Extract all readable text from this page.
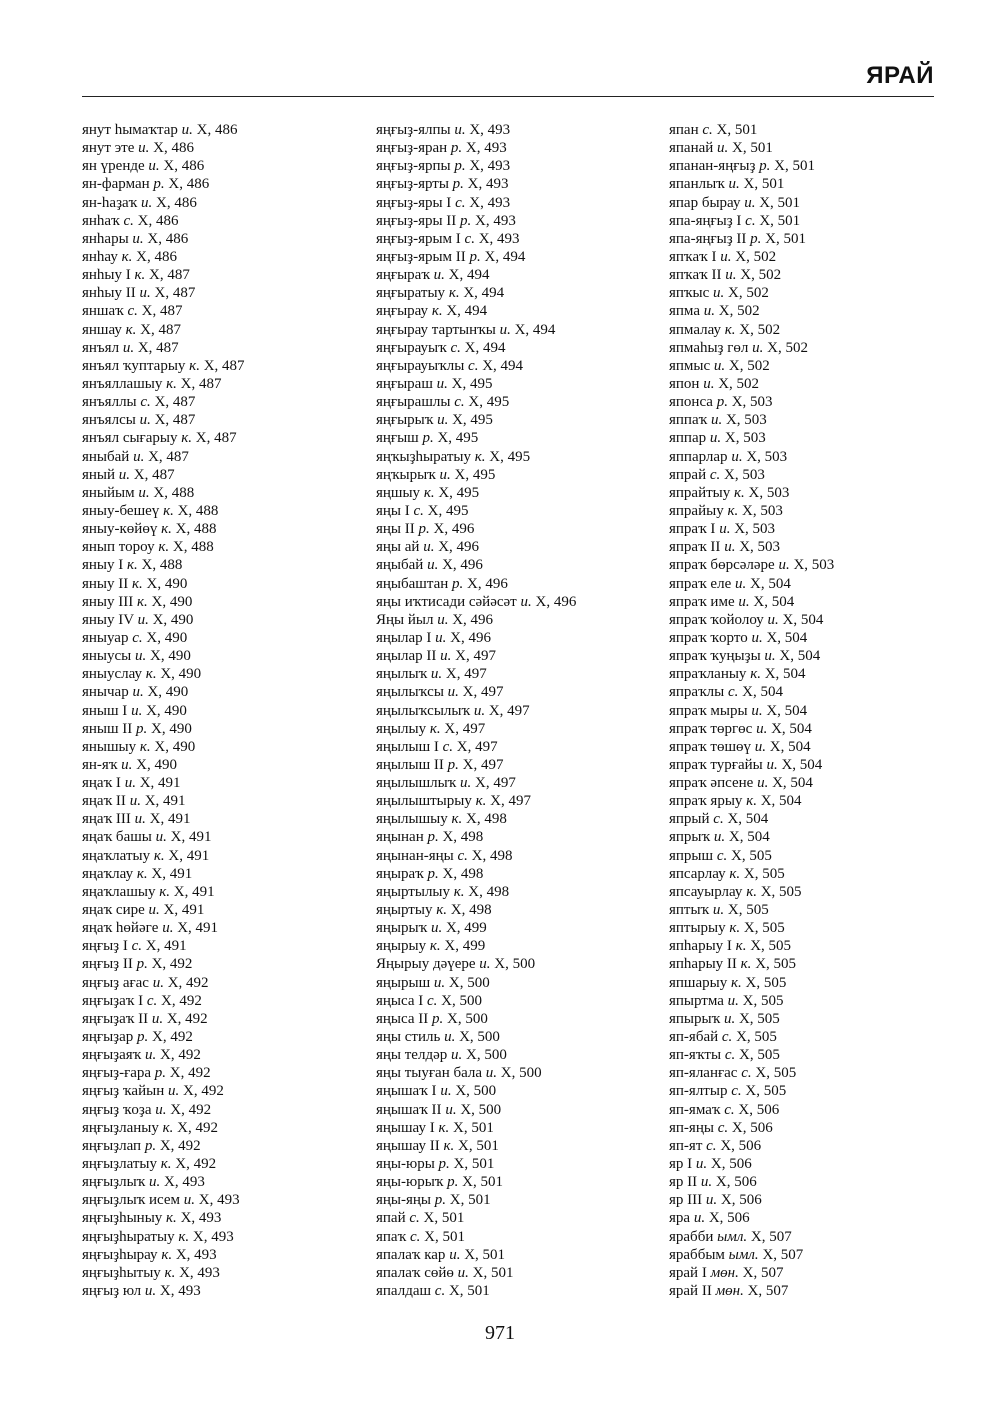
ЯРАЙ
янут һымаҡтар и. X, 486
янут этe и. X, 486
ян үрендe и. X, 486
ян-фарман р. X, 486
ян-һаҙаҡ и. X, 486
янһаҡ с. X, 486
янһары и. X, 486
янһау к. X, 486
янһыу I к. X, 487
янһыу II и. X, 487
яншаҡ с. X, 487
яншау к. X, 487
янъял и. X, 487
янъял ҡуптарыу к. X, 487
янъяллашыу к. X, 487
янъяллы с. X, 487
янъялсы и. X, 487
янъял сығарыу к. X, 487
яныбай и. X, 487
яный и. X, 487
яныйым и. X, 488
яныу-бешеү к. X, 488
яныу-көйөү к. X, 488
янып тороу к. X, 488
яныу I к. X, 488
яныу II к. X, 490
яныу III к. X, 490
яныу IV и. X, 490
яныуар с. X, 490
яныусы и. X, 490
яныуслау к. X, 490
янычар и. X, 490
яныш I и. X, 490
яныш II р. X, 490
янышыу к. X, 490
ян-яҡ и. X, 490
яңаҡ I и. X, 491
яңаҡ II и. X, 491
яңаҡ III и. X, 491
яңаҡ башы и. X, 491
яңаҡлатыу к. X, 491
яңаҡлау к. X, 491
яңаҡлашыу к. X, 491
яңаҡ сирe и. X, 491
яңаҡ һөйәгe и. X, 491
яңғыҙ I с. X, 491
яңғыҙ II р. X, 492
яңғыҙ ағас и. X, 492
яңғыҙаҡ I с. X, 492
яңғыҙаҡ II и. X, 492
яңғыҙар р. X, 492
яңғыҙаяҡ и. X, 492
яңғыҙ-ғара р. X, 492
яңғыҙ ҡайын и. X, 492
яңғыҙ ҡоҙа и. X, 492
яңғыҙланыу к. X, 492
яңғыҙлап р. X, 492
яңғыҙлатыу к. X, 492
яңғыҙлыҡ и. X, 493
яңғыҙлыҡ исем и. X, 493
яңғыҙһыныу к. X, 493
яңғыҙһыратыу к. X, 493
яңғыҙһырау к. X, 493
яңғыҙһытыу к. X, 493
яңғыҙ юл и. X, 493
яңғыҙ-ялпы и. X, 493
яңғыҙ-яран р. X, 493
яңғыҙ-ярпы р. X, 493
яңғыҙ-ярты р. X, 493
яңғыҙ-яры I с. X, 493
яңғыҙ-яры II р. X, 493
яңғыҙ-ярым I с. X, 493
яңғыҙ-ярым II р. X, 494
яңғыраҡ и. X, 494
яңғыратыу к. X, 494
яңғырау к. X, 494
яңғырау тартынҡы и. X, 494
яңғырауыҡ с. X, 494
яңғырауыҡлы с. X, 494
яңғыраш и. X, 495
яңғырашлы с. X, 495
яңғырыҡ и. X, 495
яңғыш р. X, 495
яңҡыҙһыратыу к. X, 495
яңҡырыҡ и. X, 495
яңшыу к. X, 495
яңы I с. X, 495
яңы II р. X, 496
яңы ай и. X, 496
яңыбай и. X, 496
яңыбаштан р. X, 496
яңы иҡтисади сәйәсәт и. X, 496
Яңы йыл и. X, 496
яңылар I и. X, 496
яңылар II и. X, 497
яңылыҡ и. X, 497
яңылыҡсы и. X, 497
яңылыҡсылыҡ и. X, 497
яңылыу к. X, 497
яңылыш I с. X, 497
яңылыш II р. X, 497
яңылышлыҡ и. X, 497
яңылыштырыу к. X, 497
яңылышыу к. X, 498
яңынан р. X, 498
яңынан-яңы с. X, 498
яңыраҡ р. X, 498
яңыртылыу к. X, 498
яңыртыу к. X, 498
яңырыҡ и. X, 499
яңырыу к. X, 499
Яңырыу дәүерe и. X, 500
яңырыш и. X, 500
яңыса I с. X, 500
яңыса II р. X, 500
яңы стиль и. X, 500
яңы телдәр и. X, 500
яңы тыуған бала и. X, 500
яңышаҡ I и. X, 500
яңышаҡ II и. X, 500
яңышау I к. X, 501
яңышау II к. X, 501
яңы-юры р. X, 501
яңы-юрыҡ р. X, 501
яңы-яңы р. X, 501
япай с. X, 501
япаҡ с. X, 501
япалаҡ кар и. X, 501
япалаҡ сөйө и. X, 501
япалдаш с. X, 501
япан с. X, 501
япанай и. X, 501
япанан-яңғыҙ р. X, 501
япанлыҡ и. X, 501
япар бырау и. X, 501
япа-яңғыҙ I с. X, 501
япа-яңғыҙ II р. X, 501
япҡаҡ I и. X, 502
япҡаҡ II и. X, 502
япҡыс и. X, 502
япма и. X, 502
япмалау к. X, 502
япмаһыҙ гөл и. X, 502
япмыс и. X, 502
япон и. X, 502
японса р. X, 503
яппаҡ и. X, 503
яппар и. X, 503
яппарлар и. X, 503
япрай с. X, 503
япрайтыу к. X, 503
япрайыу к. X, 503
япраҡ I и. X, 503
япраҡ II и. X, 503
япраҡ бөрсәләрe и. X, 503
япраҡ елe и. X, 504
япраҡ имe и. X, 504
япраҡ ҡойолоу и. X, 504
япраҡ ҡорто и. X, 504
япраҡ ҡуңыҙы и. X, 504
япраҡланыу к. X, 504
япраҡлы с. X, 504
япраҡ мыры и. X, 504
япраҡ төргөс и. X, 504
япраҡ төшөү и. X, 504
япраҡ турғайы и. X, 504
япраҡ әпсенe и. X, 504
япраҡ ярыу к. X, 504
япрый с. X, 504
япрыҡ и. X, 504
япрыш с. X, 505
япсарлау к. X, 505
япсауырлау к. X, 505
яптыҡ и. X, 505
яптырыу к. X, 505
япһарыу I к. X, 505
япһарыу II к. X, 505
япшарыу к. X, 505
япыртма и. X, 505
япырыҡ и. X, 505
яп-ябай с. X, 505
яп-яҡты с. X, 505
яп-яланғас с. X, 505
яп-ялтыр с. X, 505
яп-ямаҡ с. X, 506
яп-яңы с. X, 506
яп-ят с. X, 506
яр I и. X, 506
яр II и. X, 506
яр III и. X, 506
яра и. X, 506
ярабби ымл. X, 507
яраббым ымл. X, 507
ярай I мөн. X, 507
ярай II мөн. X, 507
971
